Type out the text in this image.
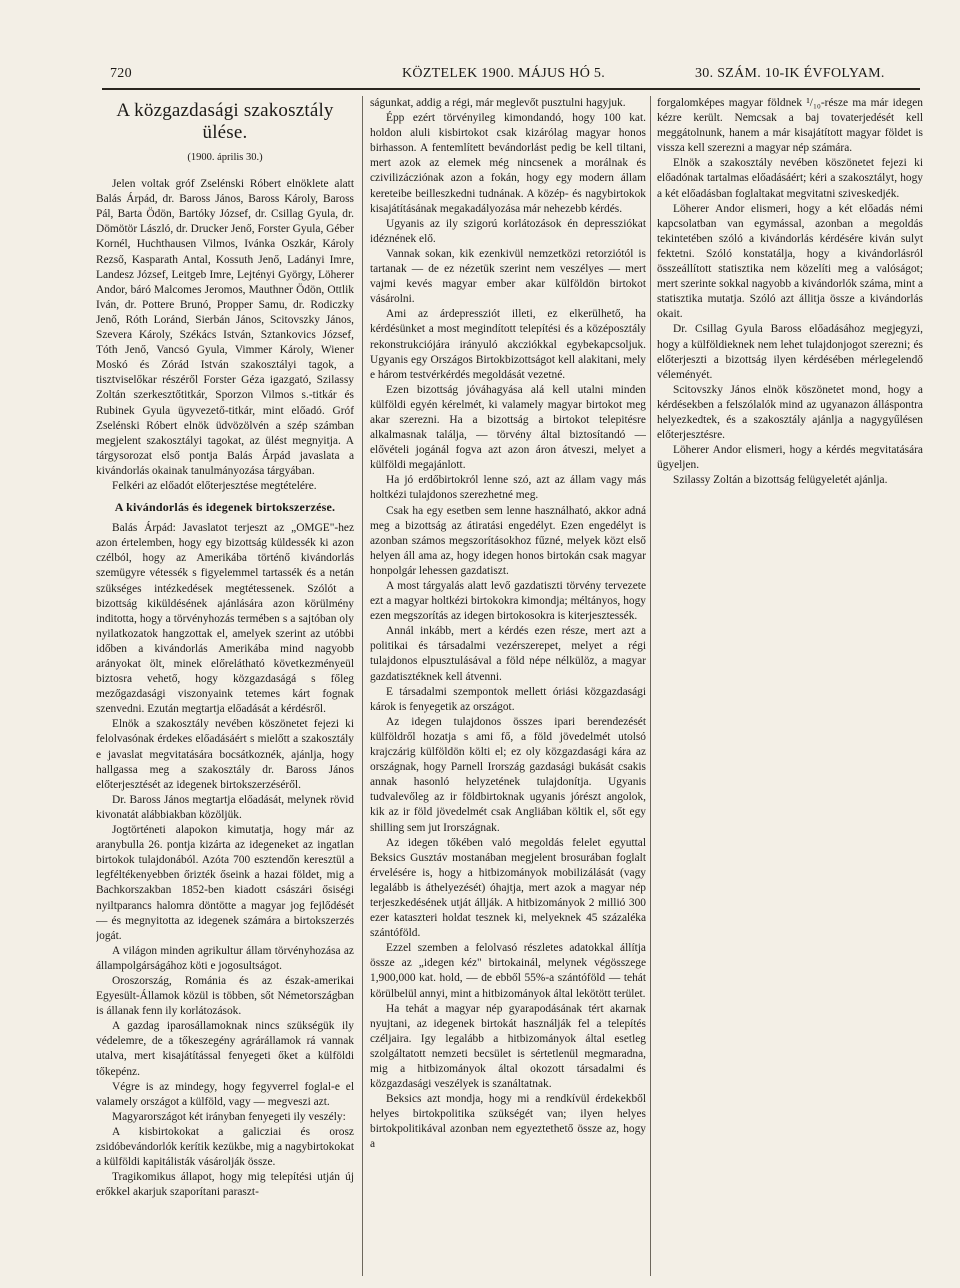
720	KÖZTELEK 1900. MÁJUS HÓ 5.	30. SZÁM. 10-IK ÉVFOLYAM.

A közgazdasági szakosztály ülése.

(1900. április 30.)

Jelen voltak gróf Zselénski Róbert elnöklete alatt Balás Árpád, dr. Baross János, Baross Károly, Baross Pál, Barta Ödön, Bartóky József, dr. Csillag Gyula, dr. Dömötör László, dr. Drucker Jenő, Forster Gyula, Géber Kornél, Huchthausen Vilmos, Ivánka Oszkár, Károly Rezső, Kasparath Antal, Kossuth Jenő, Ladányi Imre, Landesz József, Leitgeb Imre, Lejtényi György, Löherer Andor, báró Malcomes Jeromos, Mauthner Ödön, Ottlik Iván, dr. Pottere Brunó, Propper Samu, dr. Rodiczky Jenő, Róth Loránd, Sierbán János, Scitovszky János, Szevera Károly, Székács István, Sztankovics József, Tóth Jenő, Vancsó Gyula, Vimmer Károly, Wiener Moskó és Zórád István szakosztályi tagok, a tisztviselőkar részéről Forster Géza igazgató, Szilassy Zoltán szerkesztőtitkár, Sporzon Vilmos s.-titkár és Rubinek Gyula ügyvezető-titkár, mint előadó. Gróf Zselénski Róbert elnök üdvözölvén a szép számban megjelent szakosztályi tagokat, az ülést megnyitja. A tárgysorozat első pontja Balás Árpád javaslata a kivándorlás okainak tanulmányozása tárgyában.

Felkéri az előadót előterjesztése megtételére.

A kivándorlás és idegenek birtokszerzése.

Balás Árpád: Javaslatot terjeszt az „OMGE"-hez azon értelemben, hogy egy bizottság küldessék ki azon czélból, hogy az Amerikába történő kivándorlás szemügyre vétessék s figyelemmel tartassék és a netán szükséges intézkedések megtétessenek. Szólót a bizottság kiküldésének ajánlására azon körülmény inditotta, hogy a törvényhozás termében s a sajtóban oly nyilatkozatok hangzottak el, amelyek szerint az utóbbi időben a kivándorlás Amerikába mind nagyobb arányokat ölt, minek előrelátható következményeül biztosra vehető, hogy közgazdaságá s főleg mezőgazdasági viszonyaink tetemes kárt fognak szenvedni. Ezután megtartja előadását a kérdésről.

Elnök a szakosztály nevében köszönetet fejezi ki felolvasónak érdekes előadásáért s mielőtt a szakosztály e javaslat megvitatására bocsátkoznék, ajánlja, hogy hallgassa meg a szakosztály dr. Baross János előterjesztését az idegenek birtokszerzéséről.

Dr. Baross János megtartja előadását, melynek rövid kivonatát alábbiakban közöljük.

Jogtörténeti alapokon kimutatja, hogy már az aranybulla 26. pontja kizárta az idegeneket az ingatlan birtokok tulajdonából. Azóta 700 esztendőn keresztül a legféltékenyebben őrizték őseink a hazai földet, mig a Bachkorszakban 1852-ben kiadott császári ősiségi nyiltparancs halomra döntötte a magyar jog fejlődését — és megnyitotta az idegenek számára a birtokszerzés jogát.

A világon minden agrikultur állam törvényhozása az állampolgárságához köti e jogosultságot.

Oroszország, Románia és az észak-amerikai Egyesült-Államok közül is többen, sőt Németországban is állanak fenn ily korlátozások.

A gazdag iparosállamoknak nincs szükségük ily védelemre, de a tőkeszegény agrárállamok rá vannak utalva, mert kisajátítással fenyegeti őket a külföldi tőkepénz.

Végre is az mindegy, hogy fegyverrel foglal-e el valamely országot a külföld, vagy — megveszi azt.

Magyarországot két irányban fenyegeti ily veszély:

A kisbirtokokat a galicziai és orosz zsidóbevándorlók kerítik kezükbe, mig a nagybirtokokat a külföldi kapitálisták vásárolják össze.

Tragikomikus állapot, hogy mig telepítési utján új erőkkel akarjuk szaporítani paraszt-

ságunkat, addig a régi, már meglevőt pusztulni hagyjuk.

Épp ezért törvényileg kimondandó, hogy 100 kat. holdon aluli kisbirtokot csak kizárólag magyar honos birhasson. A fentemlített bevándorlást pedig be kell tiltani, mert azok az elemek még nincsenek a morálnak és czivilizácziónak azon a fokán, hogy egy modern állam kereteibe beilleszkedni tudnának. A közép- és nagybirtokok kisajátításának megakadályozása már nehezebb kérdés.

Ugyanis az ily szigorú korlátozások én depressziókat idéznének elő.

Vannak sokan, kik ezenkivül nemzetközi retorziótól is tartanak — de ez nézetük szerint nem veszélyes — mert vajmi kevés magyar ember akar külföldön birtokot vásárolni.

Ami az árdepressziót illeti, ez elkerülhető, ha kérdésünket a most megindított telepítési és a középosztály rekonstrukciójára irányuló akcziókkal egybekapcsoljuk. Ugyanis egy Országos Birtokbizottságot kell alakitani, mely e három testvérkérdés megoldását vezetné.

Ezen bizottság jóváhagyása alá kell utalni minden külföldi egyén kérelmét, ki valamely magyar birtokot meg akar szerezni. Ha a bizottság a birtokot telepitésre alkalmasnak találja, — törvény által biztosítandó — elővételi jogánál fogva azt azon áron átveszi, melyet a külföldi megajánlott.

Ha jó erdőbirtokról lenne szó, azt az állam vagy más holtkézi tulajdonos szerezhetné meg.

Csak ha egy esetben sem lenne használható, akkor adná meg a bizottság az átiratási engedélyt. Ezen engedélyt is azonban számos megszorításokhoz fűzné, melyek közt első helyen áll ama az, hogy idegen honos birtokán csak magyar honpolgár lehessen gazdatiszt.

A most tárgyalás alatt levő gazdatiszti törvény tervezete ezt a magyar holtkézi birtokokra kimondja; méltányos, hogy ezen megszorítás az idegen birtokosokra is kiterjesztessék.

Annál inkább, mert a kérdés ezen része, mert azt a politikai és társadalmi vezérszerepet, melyet a régi tulajdonos elpusztulásával a föld népe nélkülöz, a magyar gazdatisztéknek kell átvenni.

E társadalmi szempontok mellett óriási közgazdasági károk is fenyegetik az országot.

Az idegen tulajdonos összes ipari berendezését külföldről hozatja s ami fő, a föld jövedelmét utolsó krajczárig külföldön költi el; ez oly közgazdasági kára az országnak, hogy Parnell Irország gazdasági bukását csakis annak hasonló helyzetének tulajdonítja. Ugyanis tudvalevőleg az ir földbirtoknak ugyanis jórészt angolok, kik az ir föld jövedelmét csak Angliában költik el, sőt egy shilling sem jut Irországnak.

Az idegen tőkében való megoldás felelet egyuttal Beksics Gusztáv mostanában megjelent brosurában foglalt érvelésére is, hogy a hitbizományok mobilizálását (vagy legalább is áthelyezését) óhajtja, mert azok a magyar nép terjeszkedésének utját állják. A hitbizományok 2 millió 300 ezer kataszteri holdat tesznek ki, melyeknek 45 százaléka szántóföld.

Ezzel szemben a felolvasó részletes adatokkal állítja össze az „idegen kéz" birtokainál, melynek végösszege 1,900,000 kat. hold, — de ebből 55%-a szántóföld — tehát körülbelül annyi, mint a hitbizományok által lekötött terület.

Ha tehát a magyar nép gyarapodásának tért akarnak nyujtani, az idegenek birtokát használják fel a telepítés czéljaira. Igy legalább a hitbizományok által esetleg szolgáltatott nemzeti becsület is sértetlenül megmaradna, mig a hitbizományok által okozott társadalmi és közgazdasági veszélyek is szanáltatnak.

Beksics azt mondja, hogy mi a rendkívül érdekekből helyes birtokpolitika szükségét van; ilyen helyes birtokpolitikával azonban nem egyeztethető össze az, hogy a

forgalomképes magyar földnek ¹/₁₀-része ma már idegen kézre került. Nemcsak a baj tovaterjedését kell meggátolnunk, hanem a már kisajátított magyar földet is vissza kell szerezni a magyar nép számára.

Elnök a szakosztály nevében köszönetet fejezi ki előadónak tartalmas előadásáért; kéri a szakosztályt, hogy a két előadásban foglaltakat megvitatni sziveskedjék.

Löherer Andor elismeri, hogy a két előadás némi kapcsolatban van egymással, azonban a megoldás tekintetében szóló a kivándorlás kérdésére kiván sulyt fektetni. Szóló konstatálja, hogy a kivándorlásról összeállított statisztika nem közelíti meg a valóságot; mert szerinte sokkal nagyobb a kivándorlók száma, mint a statisztika mutatja. Szóló azt állitja össze a kivándorlás okait.

Dr. Csillag Gyula Baross előadásához megjegyzi, hogy a külföldieknek nem lehet tulajdonjogot szerezni; és előterjeszti a bizottság ilyen kérdésében mérlegelendő véleményét.

Scitovszky János elnök köszönetet mond, hogy a kérdésekben a felszólalók mind az ugyanazon álláspontra helyezkedtek, és a szakosztály ajánlja a nagygyűlésen előterjesztésre.

Löherer Andor elismeri, hogy a kérdés megvitatására ügyeljen.

Szilassy Zoltán a bizottság felügyeletét ajánlja.
